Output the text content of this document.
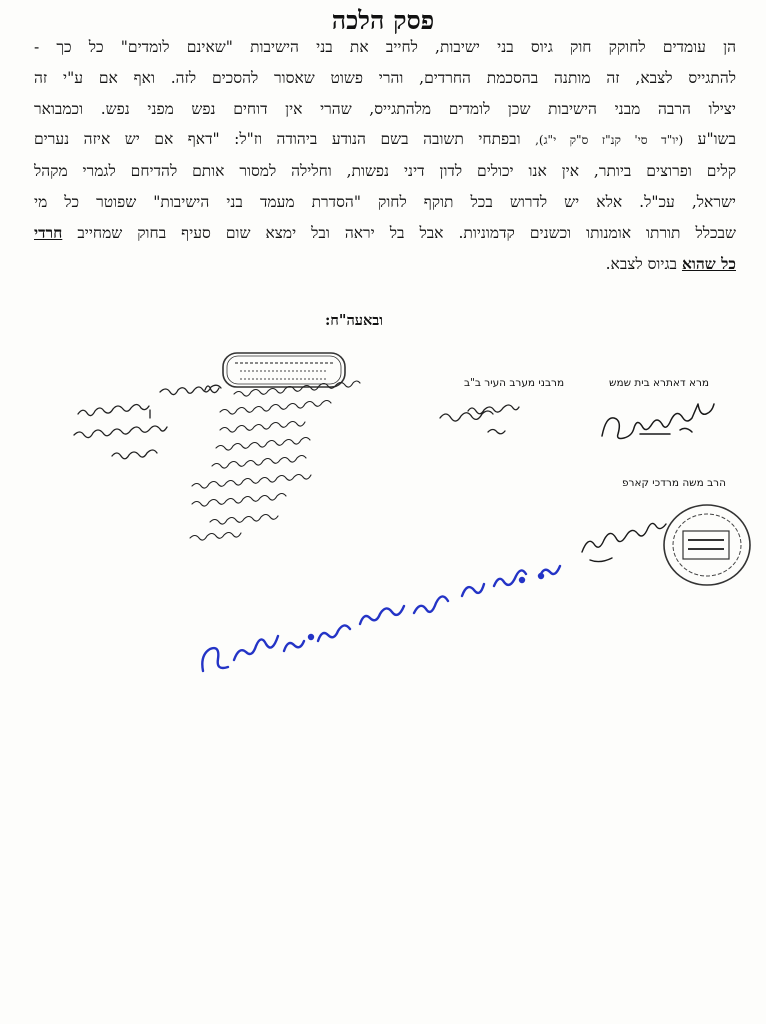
פסק הלכה
הן עומדים לחוקק חוק גיוס בני ישיבות, לחייב את בני הישיבות "שאינם לומדים" כל כך -
להתגייס לצבא, זה מותנה בהסכמת החרדים, והרי פשוט שאסור להסכים לזה. ואף אם ע"י זה
יצילו הרבה מבני הישיבות שכן לומדים מלהתגייס, שהרי אין דוחים נפש מפני נפש. וכמבואר
בשו"ע (יו"ד סי' קנ"ז ס"ק י"ג), ובפתחי תשובה בשם הנודע ביהודה וז"ל: "דאף אם יש איזה נערים
קלים ופרוצים ביותר, אין אנו יכולים לדון דיני נפשות, וחלילה למסור אותם להדיחם לגמרי מקהל
ישראל, עכ"ל. אלא יש לדרוש בכל תוקף לחוק "הסדרת מעמד בני הישיבות" שפוטר כל מי
שבכלל תורתו אומנותו וכשנים קדמוניות. אבל בל יראה ובל ימצא שום סעיף בחוק שמחייב חרדי
כל שהוא בגיוס לצבא.
ובאעה"ח:
מרא דאתרא בית שמש
מרבני מערב העיר ב"ב
הרב משה מרדכי קארפ
